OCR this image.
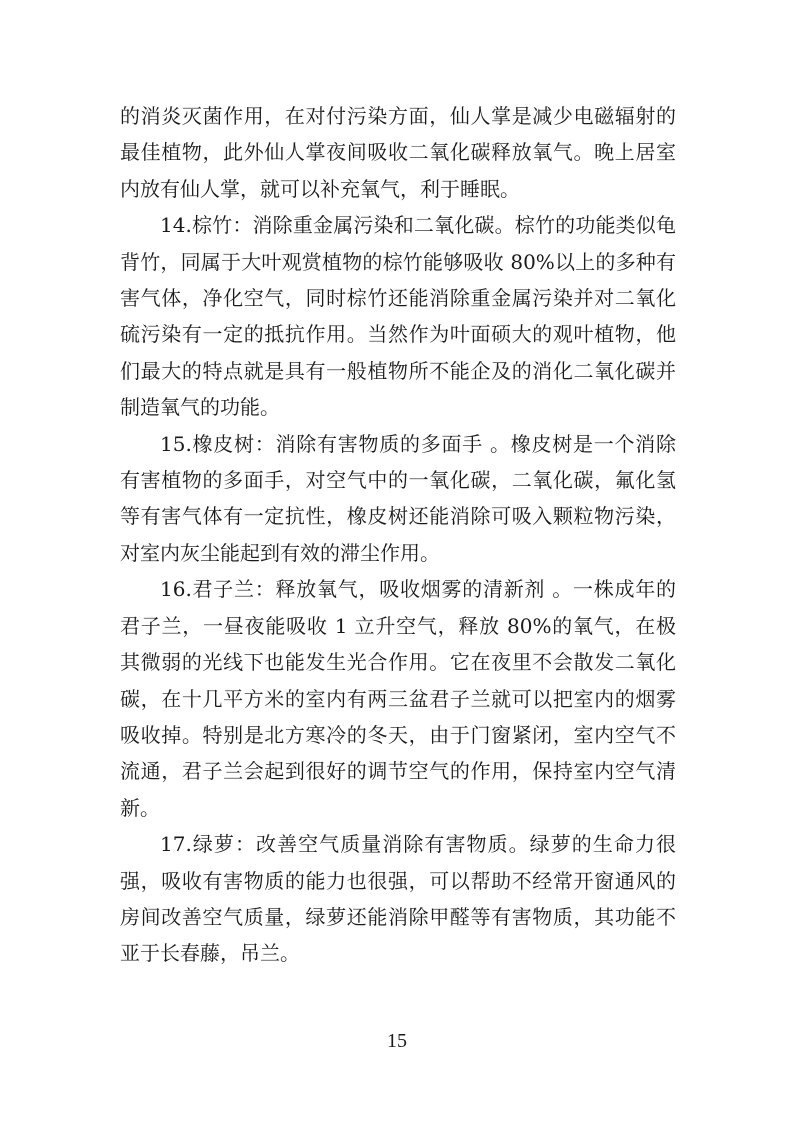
的消炎灭菌作用，在对付污染方面，仙人掌是减少电磁辐射的最佳植物，此外仙人掌夜间吸收二氧化碳释放氧气。晚上居室内放有仙人掌，就可以补充氧气，利于睡眠。

14.棕竹：消除重金属污染和二氧化碳。棕竹的功能类似龟背竹，同属于大叶观赏植物的棕竹能够吸收 80%以上的多种有害气体，净化空气，同时棕竹还能消除重金属污染并对二氧化硫污染有一定的抵抗作用。当然作为叶面硕大的观叶植物，他们最大的特点就是具有一般植物所不能企及的消化二氧化碳并制造氧气的功能。

15.橡皮树：消除有害物质的多面手 。橡皮树是一个消除有害植物的多面手，对空气中的一氧化碳，二氧化碳，氟化氢等有害气体有一定抗性，橡皮树还能消除可吸入颗粒物污染，对室内灰尘能起到有效的滞尘作用。

16.君子兰：释放氧气，吸收烟雾的清新剂 。一株成年的君子兰，一昼夜能吸收 1 立升空气，释放 80%的氧气，在极其微弱的光线下也能发生光合作用。它在夜里不会散发二氧化碳，在十几平方米的室内有两三盆君子兰就可以把室内的烟雾吸收掉。特别是北方寒冷的冬天，由于门窗紧闭，室内空气不流通，君子兰会起到很好的调节空气的作用，保持室内空气清新。

17.绿萝：改善空气质量消除有害物质。绿萝的生命力很强，吸收有害物质的能力也很强，可以帮助不经常开窗通风的房间改善空气质量，绿萝还能消除甲醛等有害物质，其功能不亚于长春藤，吊兰。

15
